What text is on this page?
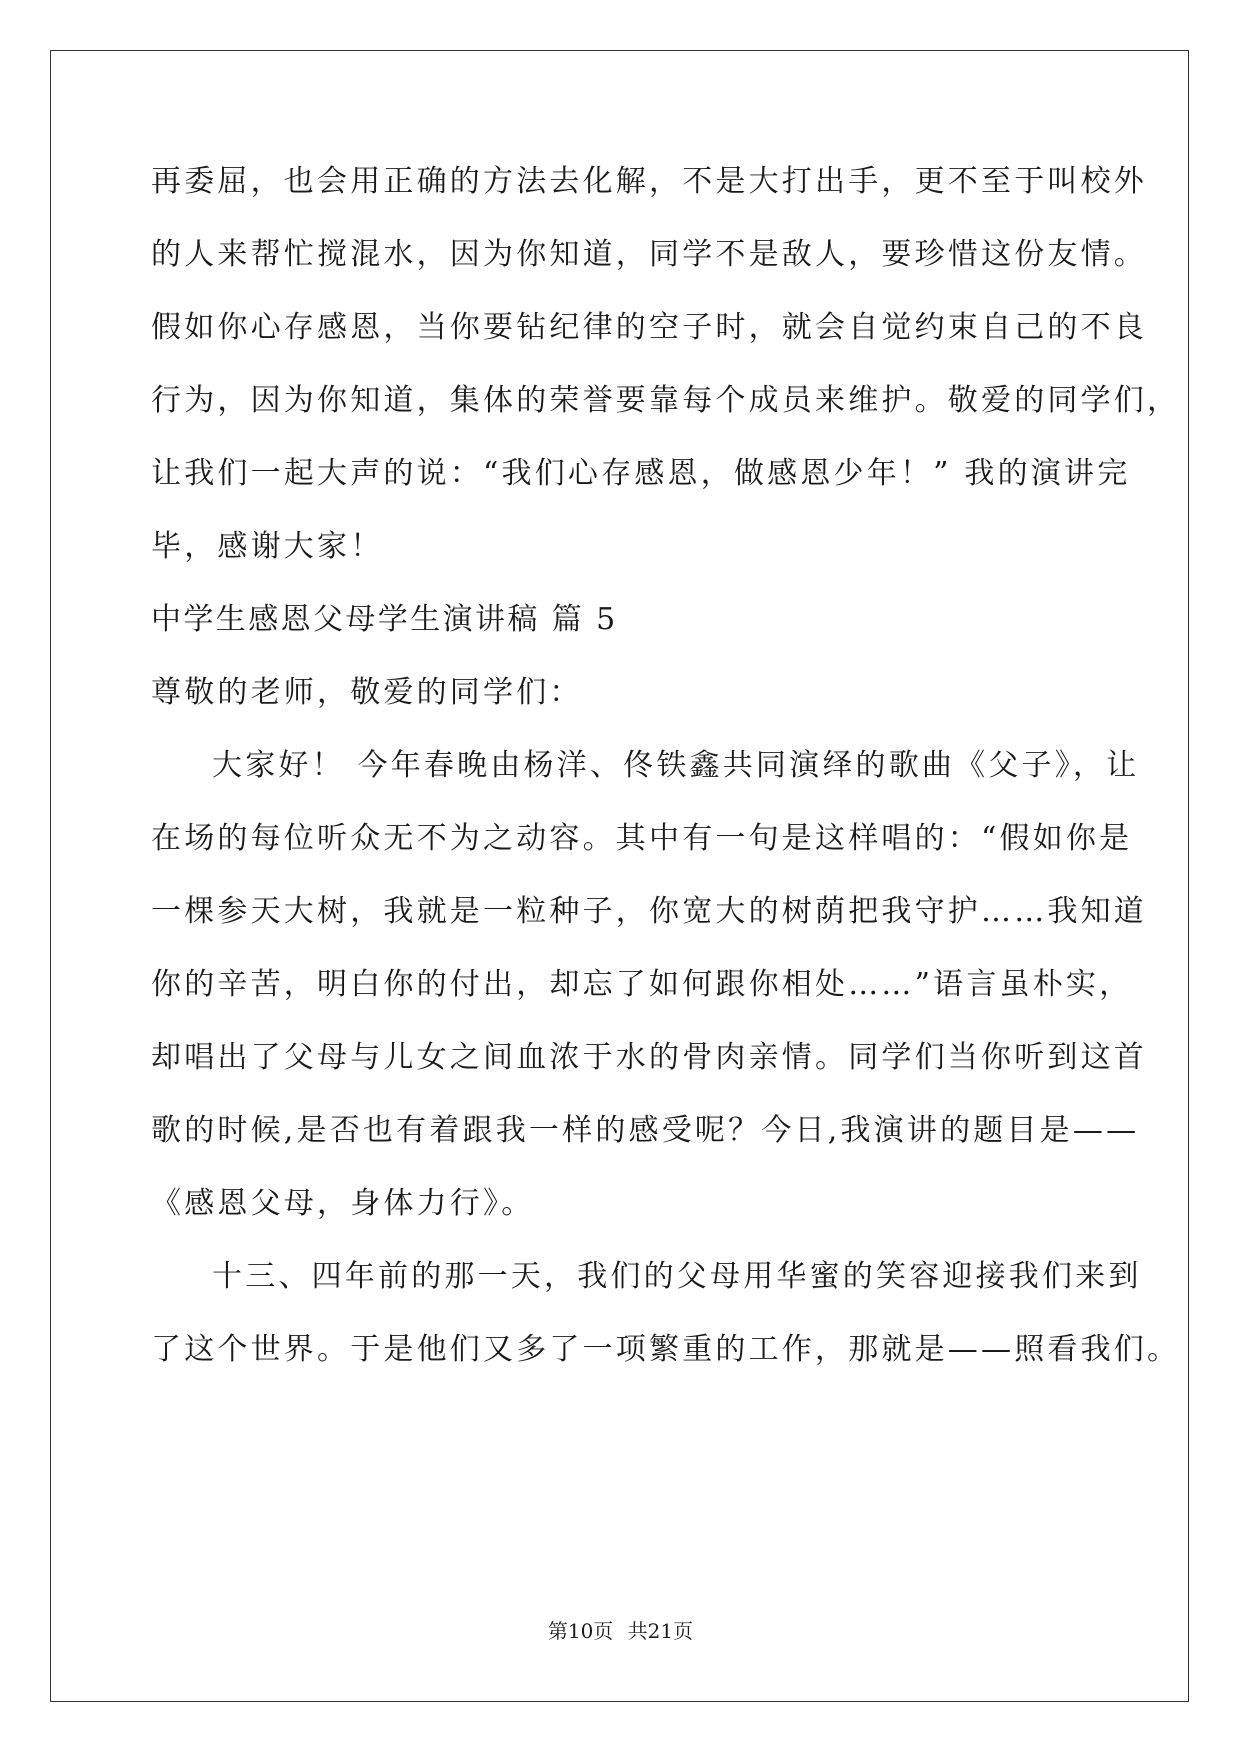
再委屈，也会用正确的方法去化解，不是大打出手，更不至于叫校外
的人来帮忙搅混水，因为你知道，同学不是敌人，要珍惜这份友情。
假如你心存感恩，当你要钻纪律的空子时，就会自觉约束自己的不良
行为，因为你知道，集体的荣誉要靠每个成员来维护。敬爱的同学们，
让我们一起大声的说：“我们心存感恩，做感恩少年！” 我的演讲完
毕，感谢大家！
中学生感恩父母学生演讲稿 篇 5
尊敬的老师，敬爱的同学们：
大家好！ 今年春晚由杨洋、佟铁鑫共同演绎的歌曲《父子》，让
在场的每位听众无不为之动容。其中有一句是这样唱的：“假如你是
一棵参天大树，我就是一粒种子，你宽大的树荫把我守护……我知道
你的辛苦，明白你的付出，却忘了如何跟你相处……”语言虽朴实，
却唱出了父母与儿女之间血浓于水的骨肉亲情。同学们当你听到这首
歌的时候,是否也有着跟我一样的感受呢？今日,我演讲的题目是——
《感恩父母，身体力行》。
十三、四年前的那一天，我们的父母用华蜜的笑容迎接我们来到
了这个世界。于是他们又多了一项繁重的工作，那就是——照看我们。
第10页 共21页
